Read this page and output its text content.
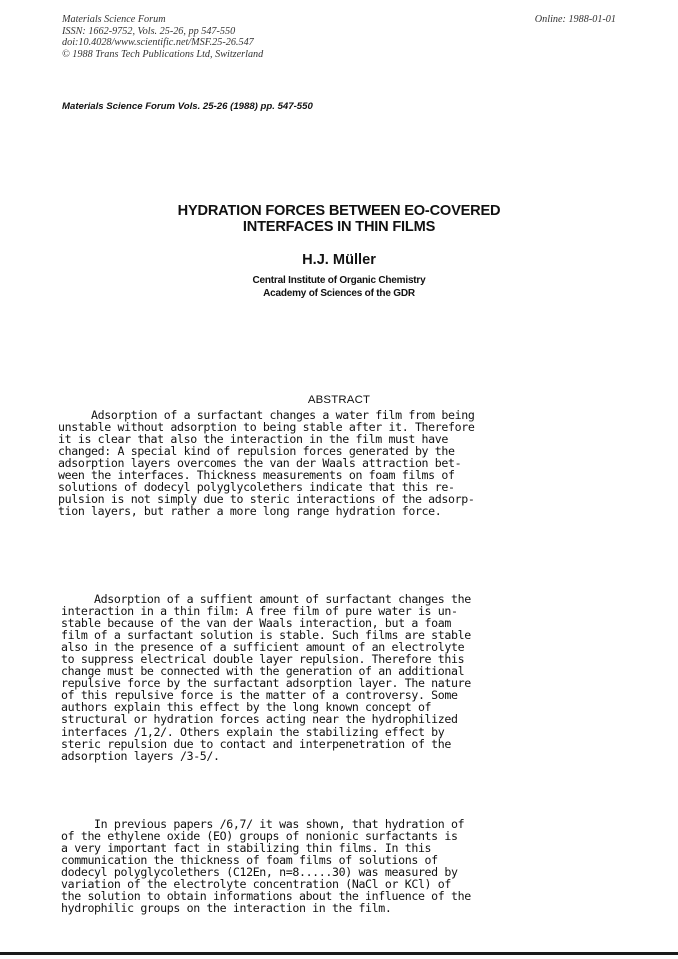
Materials Science Forum
ISSN: 1662-9752, Vols. 25-26, pp 547-550
doi:10.4028/www.scientific.net/MSF.25-26.547
© 1988 Trans Tech Publications Ltd, Switzerland
Online: 1988-01-01
Materials Science Forum Vols. 25-26 (1988) pp. 547-550
HYDRATION FORCES BETWEEN EO-COVERED
INTERFACES IN THIN FILMS
H.J. Müller
Central Institute of Organic Chemistry
Academy of Sciences of the GDR
ABSTRACT
Adsorption of a surfactant changes a water film from being
unstable without adsorption to being stable after it. Therefore
it is clear that also the interaction in the film must have
changed: A special kind of repulsion forces generated by the
adsorption layers overcomes the van der Waals attraction bet-
ween the interfaces. Thickness measurements on foam films of
solutions of dodecyl polyglycolethers indicate that this re-
pulsion is not simply due to steric interactions of the adsorp-
tion layers, but rather a more long range hydration force.
Adsorption of a suffient amount of surfactant changes the
interaction in a thin film: A free film of pure water is un-
stable because of the van der Waals interaction, but a foam
film of a surfactant solution is stable. Such films are stable
also in the presence of a sufficient amount of an electrolyte
to suppress electrical double layer repulsion. Therefore this
change must be connected with the generation of an additional
repulsive force by the surfactant adsorption layer. The nature
of this repulsive force is the matter of a controversy. Some
authors explain this effect by the long known concept of
structural or hydration forces acting near the hydrophilized
interfaces /1,2/. Others explain the stabilizing effect by
steric repulsion due to contact and interpenetration of the
adsorption layers /3-5/.
In previous papers /6,7/ it was shown, that hydration of
of the ethylene oxide (EO) groups of nonionic surfactants is
a very important fact in stabilizing thin films. In this
communication the thickness of foam films of solutions of
dodecyl polyglycolethers (C12En, n=8.....30) was measured by
variation of the electrolyte concentration (NaCl or KCl) of
the solution to obtain informations about the influence of the
hydrophilic groups on the interaction in the film.
